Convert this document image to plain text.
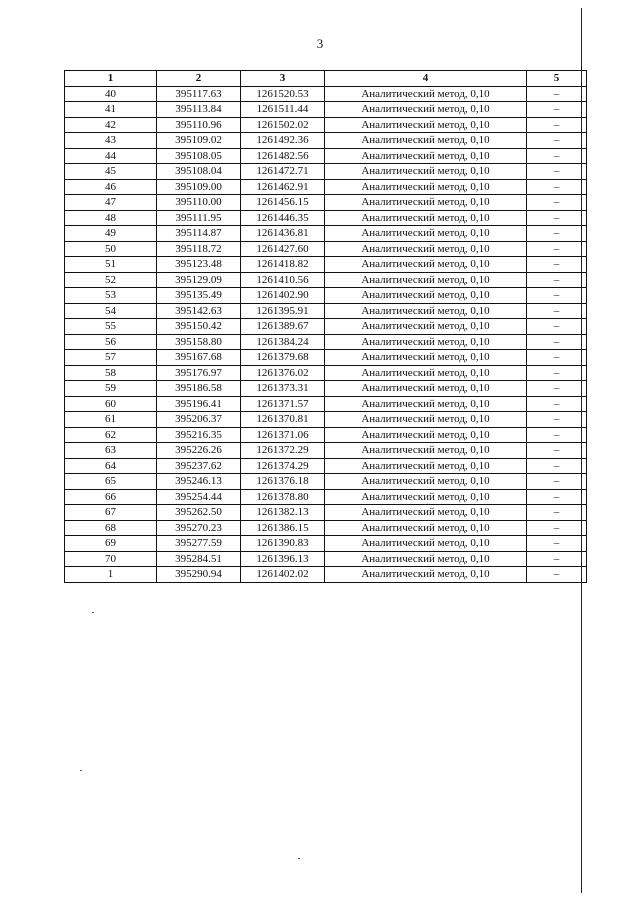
3
1	2	3	4	5
40	395117.63	1261520.53	Аналитический метод, 0,10	–
41	395113.84	1261511.44	Аналитический метод, 0,10	–
42	395110.96	1261502.02	Аналитический метод, 0,10	–
43	395109.02	1261492.36	Аналитический метод, 0,10	–
44	395108.05	1261482.56	Аналитический метод, 0,10	–
45	395108.04	1261472.71	Аналитический метод, 0,10	–
46	395109.00	1261462.91	Аналитический метод, 0,10	–
47	395110.00	1261456.15	Аналитический метод, 0,10	–
48	395111.95	1261446.35	Аналитический метод, 0,10	–
49	395114.87	1261436.81	Аналитический метод, 0,10	–
50	395118.72	1261427.60	Аналитический метод, 0,10	–
51	395123.48	1261418.82	Аналитический метод, 0,10	–
52	395129.09	1261410.56	Аналитический метод, 0,10	–
53	395135.49	1261402.90	Аналитический метод, 0,10	–
54	395142.63	1261395.91	Аналитический метод, 0,10	–
55	395150.42	1261389.67	Аналитический метод, 0,10	–
56	395158.80	1261384.24	Аналитический метод, 0,10	–
57	395167.68	1261379.68	Аналитический метод, 0,10	–
58	395176.97	1261376.02	Аналитический метод, 0,10	–
59	395186.58	1261373.31	Аналитический метод, 0,10	–
60	395196.41	1261371.57	Аналитический метод, 0,10	–
61	395206.37	1261370.81	Аналитический метод, 0,10	–
62	395216.35	1261371.06	Аналитический метод, 0,10	–
63	395226.26	1261372.29	Аналитический метод, 0,10	–
64	395237.62	1261374.29	Аналитический метод, 0,10	–
65	395246.13	1261376.18	Аналитический метод, 0,10	–
66	395254.44	1261378.80	Аналитический метод, 0,10	–
67	395262.50	1261382.13	Аналитический метод, 0,10	–
68	395270.23	1261386.15	Аналитический метод, 0,10	–
69	395277.59	1261390.83	Аналитический метод, 0,10	–
70	395284.51	1261396.13	Аналитический метод, 0,10	–
1	395290.94	1261402.02	Аналитический метод, 0,10	–
